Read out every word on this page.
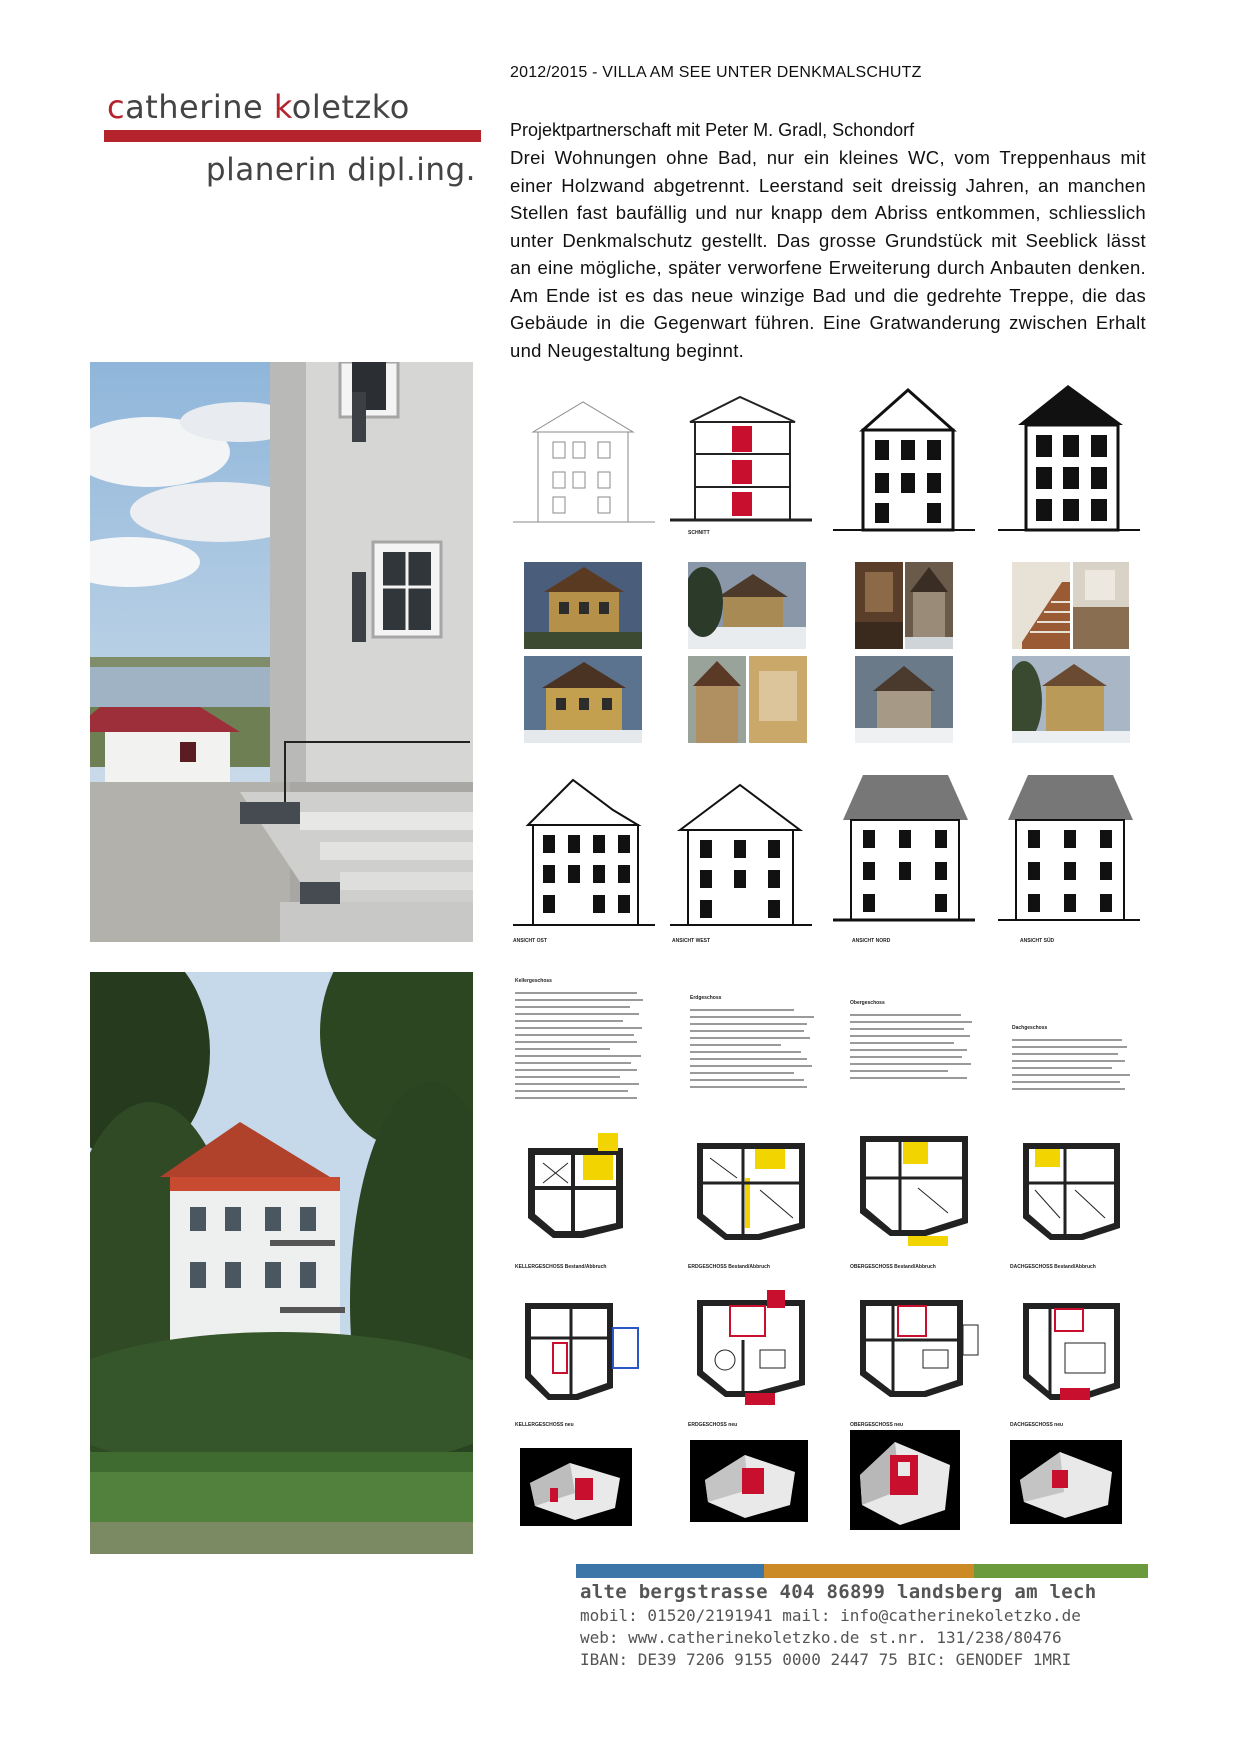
catherine koletzko
planerin dipl.ing.
2012/2015 - VILLA AM SEE UNTER DENKMALSCHUTZ
Projektpartnerschaft mit Peter M. Gradl, Schondorf
Drei Wohnungen ohne Bad, nur ein kleines WC, vom Treppenhaus mit einer Holzwand abgetrennt. Leerstand seit dreissig Jahren, an manchen Stellen fast baufällig und nur knapp dem Abriss entkommen, schliesslich unter Denkmalschutz gestellt. Das grosse Grundstück mit Seeblick lässt an eine mögliche, später verworfene Erweiterung durch Anbauten denken. Am Ende ist es das neue winzige Bad und die gedrehte Treppe, die das Gebäude in die Gegenwart führen. Eine Gratwanderung zwischen Erhalt und Neugestaltung beginnt.
SCHNITT
ANSICHT OST	ANSICHT WEST	ANSICHT NORD	ANSICHT SÜD
Kellergeschoss
Erdgeschoss
Obergeschoss
Dachgeschoss
KELLERGESCHOSS Bestand/Abbruch	ERDGESCHOSS Bestand/Abbruch	OBERGESCHOSS Bestand/Abbruch	DACHGESCHOSS Bestand/Abbruch
KELLERGESCHOSS neu	ERDGESCHOSS neu	OBERGESCHOSS neu	DACHGESCHOSS neu
alte bergstrasse 404 86899 landsberg am lech
mobil: 01520/2191941 mail: info@catherinekoletzko.de
web: www.catherinekoletzko.de st.nr. 131/238/80476
IBAN: DE39 7206 9155 0000 2447 75 BIC: GENODEF 1MRI
